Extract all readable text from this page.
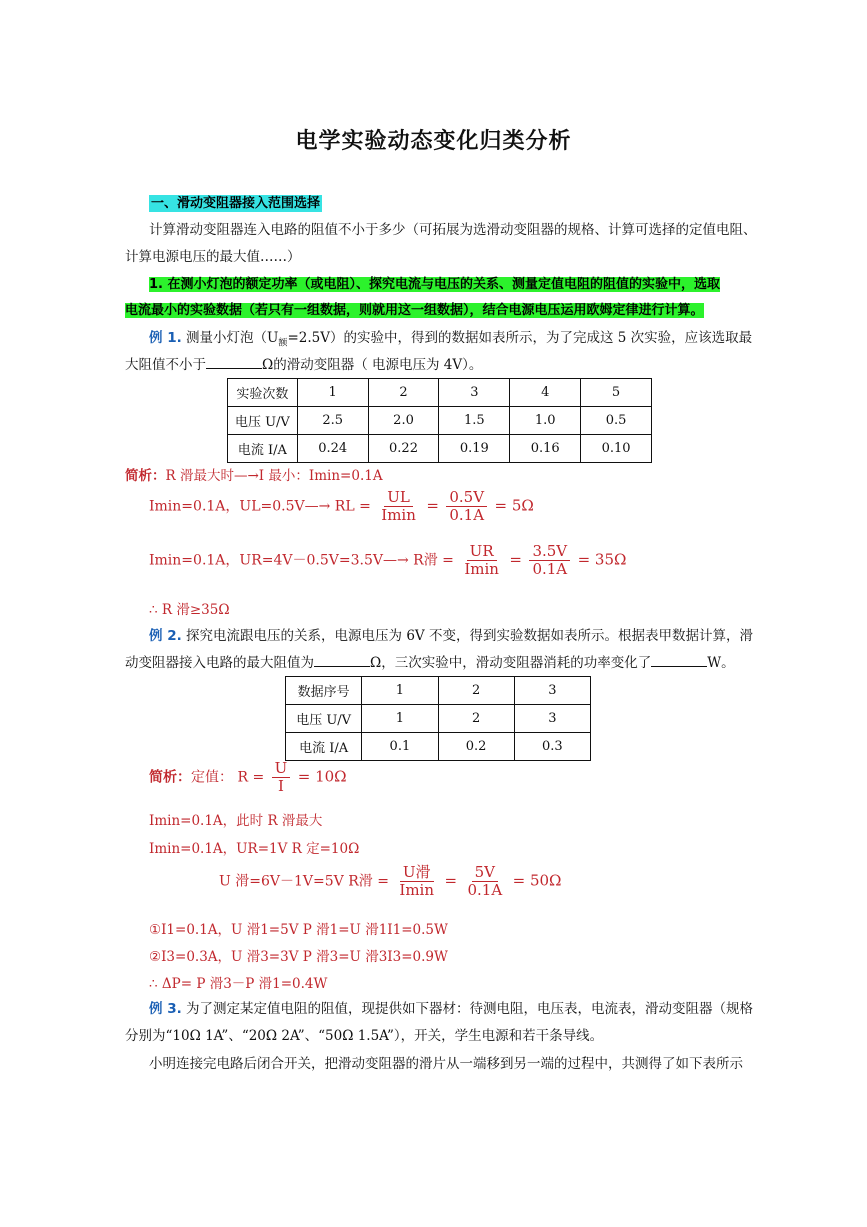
电学实验动态变化归类分析
一、滑动变阻器接入范围选择
计算滑动变阻器连入电路的阻值不小于多少（可拓展为选滑动变阻器的规格、计算可选择的定值电阻、
计算电源电压的最大值……）
1. 在测小灯泡的额定功率（或电阻）、探究电流与电压的关系、测量定值电阻的阻值的实验中，选取
电流最小的实验数据（若只有一组数据，则就用这一组数据），结合电源电压运用欧姆定律进行计算。
例 1. 测量小灯泡$(U_额=2.5V)$的实验中，得到的数据如表所示，为了完成这 5 次实验，应该选取最
大阻值不小于	Ω的滑动变阻器（ 电源电压为 4V）。
实验次数	1	2	3	4	5
电压 U/V	2.5	2.0	1.5	1.0	0.5
电流 I/A	0.24	0.22	0.19	0.16	0.10
简析：R 滑最大时—→I 最小：Imin=0.1A
Imin=0.1A，UL=0.5V—→ RL = $\frac{UL}{Imin} = \frac{0.5V}{0.1A} = 5\Omega$
Imin=0.1A，UR=4V－0.5V=3.5V—→ R滑 = $\frac{UR}{Imin} = \frac{3.5V}{0.1A} = 35\Omega$
∴ R 滑≥35Ω
例 2. 探究电流跟电压的关系，电源电压为 6V 不变，得到实验数据如表所示。根据表甲数据计算，滑
动变阻器接入电路的最大阻值为	Ω，三次实验中，滑动变阻器消耗的功率变化了	W。
数据序号	1	2	3
电压 U/V	1	2	3
电流 I/A	0.1	0.2	0.3
简析：定值： $R = \frac{U}{I} = 10\Omega$
Imin=0.1A，此时 R 滑最大
Imin=0.1A，UR=1V R 定=10Ω
U 滑=6V－1V=5V R滑 = $\frac{\text{U滑}}{Imin} = \frac{5V}{0.1A} = 50\Omega$
①I1=0.1A，U 滑1=5V P 滑1=U 滑1I1=0.5W
②I3=0.3A，U 滑3=3V P 滑3=U 滑3I3=0.9W
∴ ΔP= P 滑3－P 滑1=0.4W
例 3. 为了测定某定值电阻的阻值，现提供如下器材：待测电阻，电压表，电流表，滑动变阻器（规格
分别为“10Ω 1A”、“20Ω 2A”、“50Ω 1.5A”），开关，学生电源和若干条导线。
小明连接完电路后闭合开关，把滑动变阻器的滑片从一端移到另一端的过程中，共测得了如下表所示
